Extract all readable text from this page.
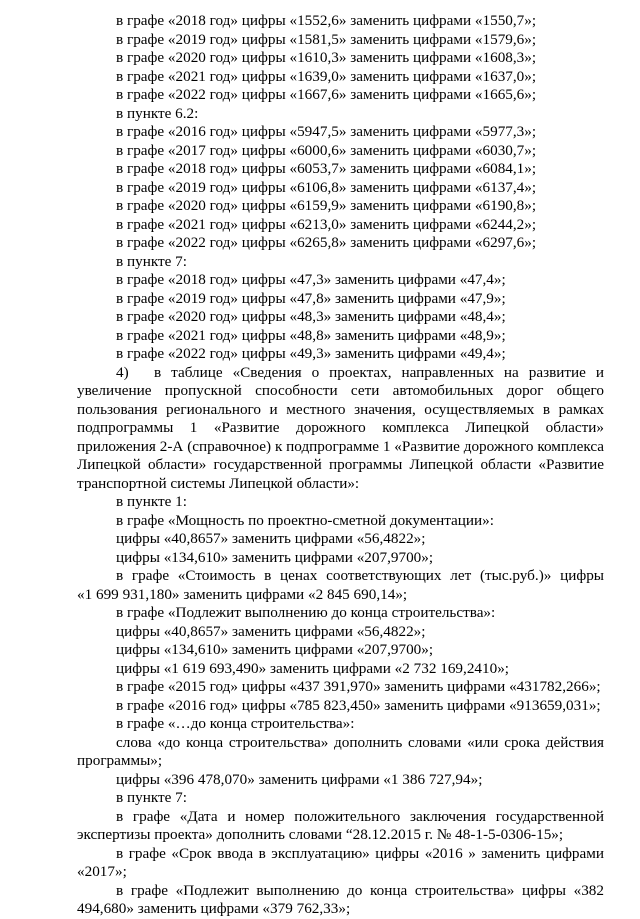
в графе «2018 год» цифры «1552,6» заменить цифрами «1550,7»;
в графе «2019 год» цифры «1581,5» заменить цифрами «1579,6»;
в графе «2020 год» цифры «1610,3» заменить цифрами «1608,3»;
в графе «2021 год» цифры «1639,0» заменить цифрами «1637,0»;
в графе «2022 год» цифры «1667,6» заменить цифрами «1665,6»;
в пункте 6.2:
в графе «2016 год» цифры «5947,5» заменить цифрами «5977,3»;
в графе «2017 год» цифры «6000,6» заменить цифрами «6030,7»;
в графе «2018 год» цифры «6053,7» заменить цифрами «6084,1»;
в графе «2019 год» цифры «6106,8» заменить цифрами «6137,4»;
в графе «2020 год» цифры «6159,9» заменить цифрами «6190,8»;
в графе «2021 год» цифры «6213,0» заменить цифрами «6244,2»;
в графе «2022 год» цифры «6265,8» заменить цифрами «6297,6»;
в пункте 7:
в графе «2018 год» цифры «47,3» заменить цифрами «47,4»;
в графе «2019 год» цифры «47,8» заменить цифрами «47,9»;
в графе «2020 год» цифры «48,3» заменить цифрами «48,4»;
в графе «2021 год» цифры «48,8» заменить цифрами «48,9»;
в графе «2022 год» цифры «49,3» заменить цифрами «49,4»;
4) в таблице «Сведения о проектах, направленных на развитие и
увеличение пропускной способности сети автомобильных дорог общего
пользования регионального и местного значения, осуществляемых в рамках
подпрограммы 1 «Развитие дорожного комплекса Липецкой области»
приложения 2-А (справочное) к подпрограмме 1 «Развитие дорожного комплекса
Липецкой области» государственной программы Липецкой области «Развитие
транспортной системы Липецкой области»:
в пункте 1:
в графе «Мощность по проектно-сметной документации»:
цифры «40,8657» заменить цифрами «56,4822»;
цифры «134,610» заменить цифрами «207,9700»;
в графе «Стоимость в ценах соответствующих лет (тыс.руб.)» цифры
«1 699 931,180» заменить цифрами «2 845 690,14»;
в графе «Подлежит выполнению до конца строительства»:
цифры «40,8657» заменить цифрами «56,4822»;
цифры «134,610» заменить цифрами «207,9700»;
цифры «1 619 693,490» заменить цифрами «2 732 169,2410»;
в графе «2015 год» цифры «437 391,970» заменить цифрами «431782,266»;
в графе «2016 год» цифры «785 823,450» заменить цифрами «913659,031»;
в графе «…до конца строительства»:
слова «до конца строительства» дополнить словами «или срока действия
программы»;
цифры «396 478,070» заменить цифрами «1 386 727,94»;
в пункте 7:
в графе «Дата и номер положительного заключения государственной
экспертизы проекта» дополнить словами “28.12.2015 г. № 48-1-5-0306-15»;
в графе «Срок ввода в эксплуатацию» цифры «2016 » заменить цифрами
«2017»;
в графе «Подлежит выполнению до конца строительства» цифры «382
494,680» заменить цифрами «379 762,33»;
